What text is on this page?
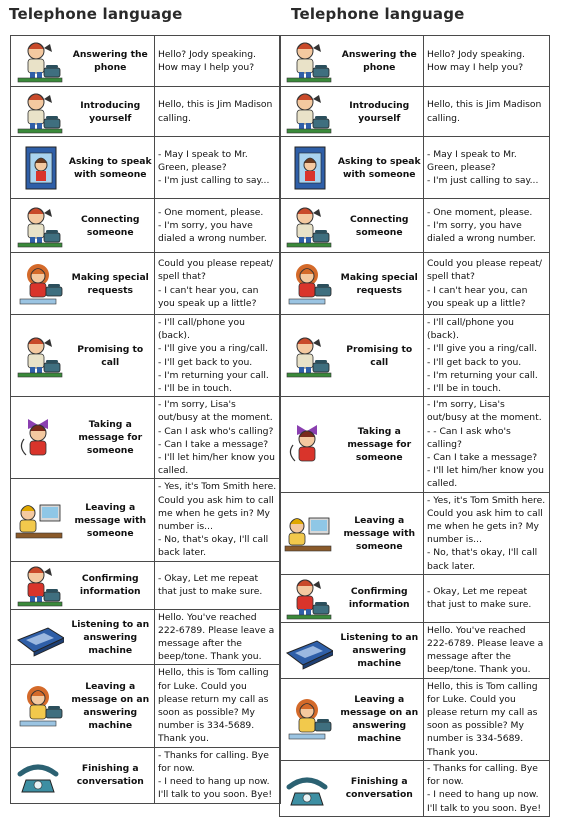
Telephone language	Telephone language
	Answering the phone	Hello? Jody speaking. How may I help you?

	Introducing yourself	Hello, this is Jim Madison calling.

	Asking to speak with someone	- May I speak to Mr. Green, please?
- I'm just calling to say...

	Connecting someone	- One moment, please.
- I'm sorry, you have dialed a wrong number.

	Making special requests	Could you please repeat/ spell that?
- I can't hear you, can you speak up a little?

	Promising to call	- I'll call/phone you (back).
- I'll give you a ring/call.
- I'll get back to you.
- I'm returning your call.
- I'll be in touch.

	Taking a message for someone	- I'm sorry, Lisa's out/busy at the moment. - Can I ask who's calling?
- Can I take a message?
- I'll let him/her know you called.

	Leaving a message with someone	- Yes, it's Tom Smith here. Could you ask him to call me when he gets in? My number is...
- No, that's okay, I'll call back later.

	Confirming information	- Okay, Let me repeat that just to make sure.

	Listening to an answering machine	Hello. You've reached 222-6789. Please leave a message after the beep/tone. Thank you.

	Leaving a message on an answering machine	Hello, this is Tom calling for Luke. Could you please return my call as soon as possible? My number is 334-5689. Thank you.

	Finishing a conversation	- Thanks for calling. Bye for now.
- I need to hang up now. I'll talk to you soon. Bye!
	Answering the phone	Hello? Jody speaking. How may I help you?

	Introducing yourself	Hello, this is Jim Madison calling.

	Asking to speak with someone	- May I speak to Mr. Green, please?
- I'm just calling to say...

	Connecting someone	- One moment, please.
- I'm sorry, you have dialed a wrong number.

	Making special requests	Could you please repeat/ spell that?
- I can't hear you, can you speak up a little?

	Promising to call	- I'll call/phone you (back).
- I'll give you a ring/call.
- I'll get back to you.
- I'm returning your call.
- I'll be in touch.

	Taking a message for someone	- I'm sorry, Lisa's out/busy at the moment. - - Can I ask who's calling?
- Can I take a message?
- I'll let him/her know you called.

	Leaving a message with someone	- Yes, it's Tom Smith here. Could you ask him to call me when he gets in? My number is...
- No, that's okay, I'll call back later.

	Confirming information	- Okay, Let me repeat that just to make sure.

	Listening to an answering machine	Hello. You've reached 222-6789. Please leave a message after the beep/tone. Thank you.

	Leaving a message on an answering machine	Hello, this is Tom calling for Luke. Could you please return my call as soon as possible? My number is 334-5689. Thank you.

	Finishing a conversation	- Thanks for calling. Bye for now.
- I need to hang up now. I'll talk to you soon. Bye!
